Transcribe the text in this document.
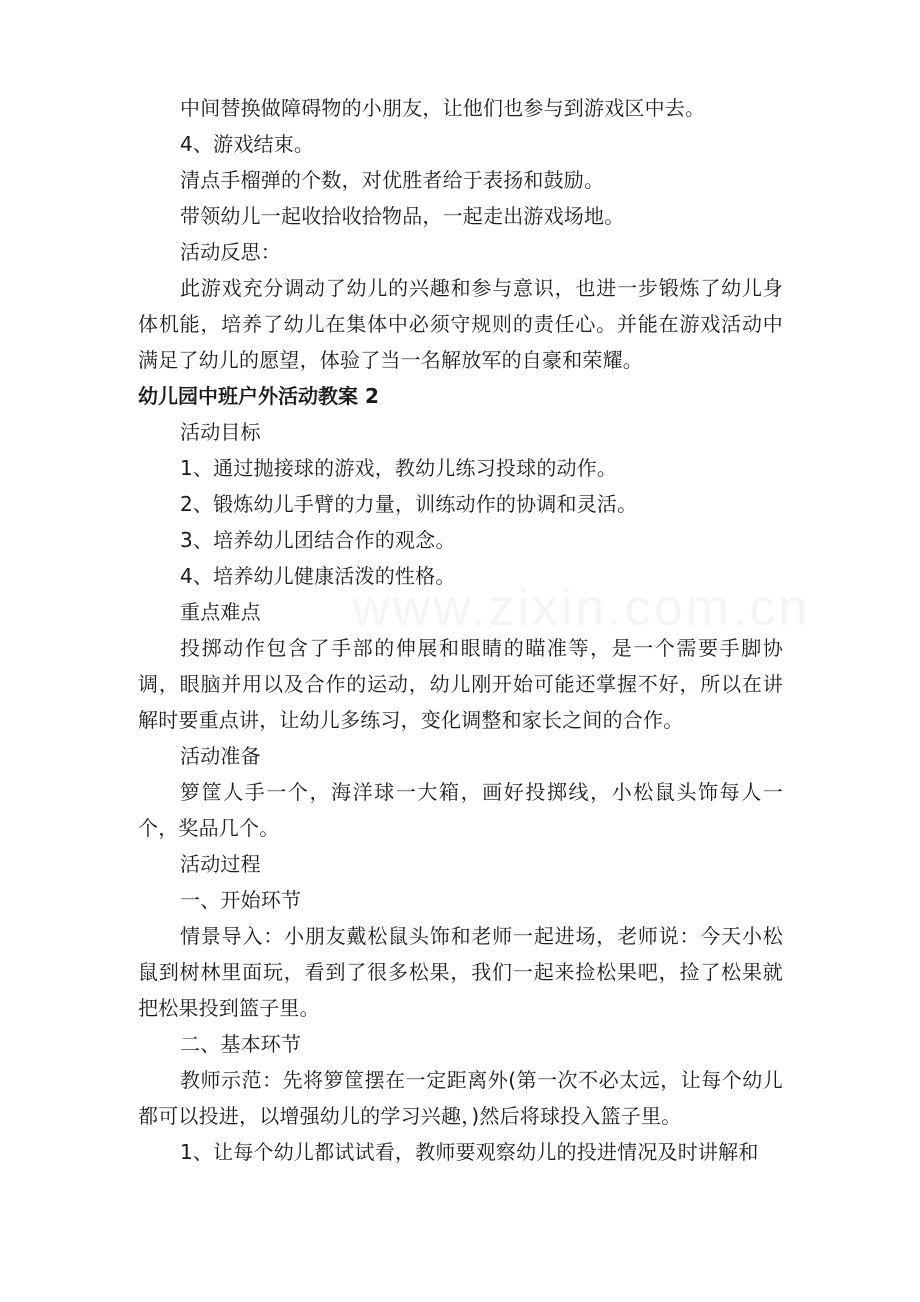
www.zixin.com.cn

中间替换做障碍物的小朋友，让他们也参与到游戏区中去。

4、游戏结束。

清点手榴弹的个数，对优胜者给于表扬和鼓励。

带领幼儿一起收拾收拾物品，一起走出游戏场地。

活动反思：

此游戏充分调动了幼儿的兴趣和参与意识，也进一步锻炼了幼儿身体机能，培养了幼儿在集体中必须守规则的责任心。并能在游戏活动中满足了幼儿的愿望，体验了当一名解放军的自豪和荣耀。

幼儿园中班户外活动教案 2

活动目标

1、通过抛接球的游戏，教幼儿练习投球的动作。

2、锻炼幼儿手臂的力量，训练动作的协调和灵活。

3、培养幼儿团结合作的观念。

4、培养幼儿健康活泼的性格。

重点难点

投掷动作包含了手部的伸展和眼睛的瞄准等，是一个需要手脚协调，眼脑并用以及合作的运动，幼儿刚开始可能还掌握不好，所以在讲解时要重点讲，让幼儿多练习，变化调整和家长之间的合作。

活动准备

箩筐人手一个，海洋球一大箱，画好投掷线，小松鼠头饰每人一个，奖品几个。

活动过程

一、开始环节

情景导入：小朋友戴松鼠头饰和老师一起进场，老师说：今天小松鼠到树林里面玩，看到了很多松果，我们一起来捡松果吧，捡了松果就把松果投到篮子里。

二、基本环节

教师示范：先将箩筐摆在一定距离外(第一次不必太远，让每个幼儿都可以投进，以增强幼儿的学习兴趣，)然后将球投入篮子里。

1、让每个幼儿都试试看，教师要观察幼儿的投进情况及时讲解和
